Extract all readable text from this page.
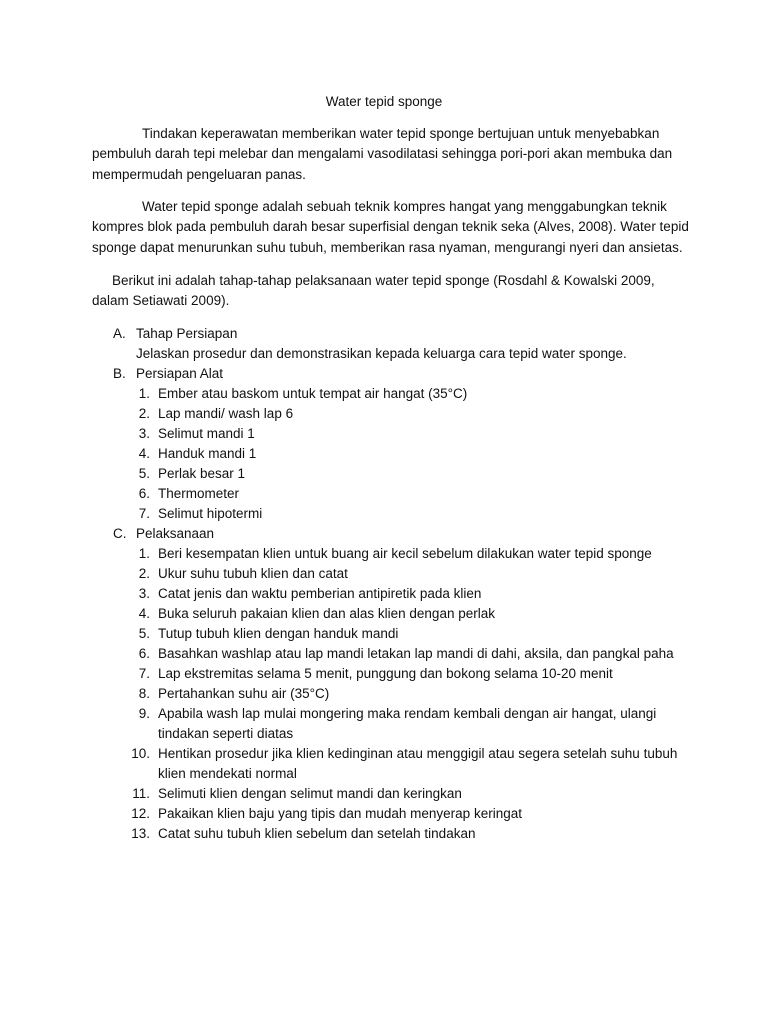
Water tepid sponge

Tindakan keperawatan memberikan water tepid sponge bertujuan untuk menyebabkan pembuluh darah tepi melebar dan mengalami vasodilatasi sehingga pori-pori akan membuka dan mempermudah pengeluaran panas.

Water tepid sponge adalah sebuah teknik kompres hangat yang menggabungkan teknik kompres blok pada pembuluh darah besar superfisial dengan teknik seka (Alves, 2008). Water tepid sponge dapat menurunkan suhu tubuh, memberikan rasa nyaman, mengurangi nyeri dan ansietas.

Berikut ini adalah tahap-tahap pelaksanaan water tepid sponge (Rosdahl & Kowalski 2009, dalam Setiawati 2009).

A. Tahap Persiapan
Jelaskan prosedur dan demonstrasikan kepada keluarga cara tepid water sponge.
B. Persiapan Alat
1. Ember atau baskom untuk tempat air hangat (35°C)
2. Lap mandi/ wash lap 6
3. Selimut mandi 1
4. Handuk mandi 1
5. Perlak besar 1
6. Thermometer
7. Selimut hipotermi
C. Pelaksanaan
1. Beri kesempatan klien untuk buang air kecil sebelum dilakukan water tepid sponge
2. Ukur suhu tubuh klien dan catat
3. Catat jenis dan waktu pemberian antipiretik pada klien
4. Buka seluruh pakaian klien dan alas klien dengan perlak
5. Tutup tubuh klien dengan handuk mandi
6. Basahkan washlap atau lap mandi letakan lap mandi di dahi, aksila, dan pangkal paha
7. Lap ekstremitas selama 5 menit, punggung dan bokong selama 10-20 menit
8. Pertahankan suhu air (35°C)
9. Apabila wash lap mulai mongering maka rendam kembali dengan air hangat, ulangi tindakan seperti diatas
10. Hentikan prosedur jika klien kedinginan atau menggigil atau segera setelah suhu tubuh klien mendekati normal
11. Selimuti klien dengan selimut mandi dan keringkan
12. Pakaikan klien baju yang tipis dan mudah menyerap keringat
13. Catat suhu tubuh klien sebelum dan setelah tindakan
